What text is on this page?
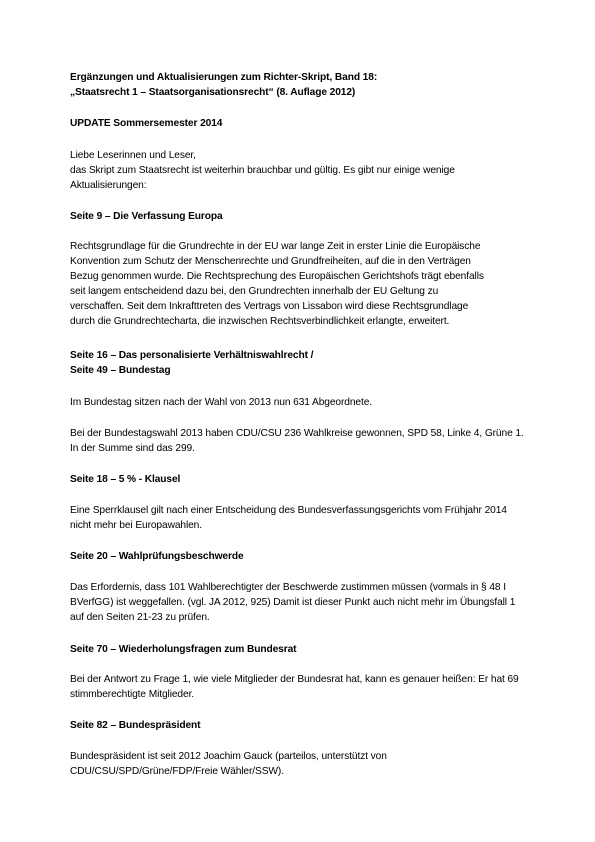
Ergänzungen und Aktualisierungen zum Richter-Skript, Band 18:

„Staatsrecht 1 – Staatsorganisationsrecht“ (8. Auflage 2012)

UPDATE Sommersemester 2014

Liebe Leserinnen und Leser,

das Skript zum Staatsrecht ist weiterhin brauchbar und gültig. Es gibt nur einige wenige

Aktualisierungen:

Seite 9 – Die Verfassung Europa

Rechtsgrundlage für die Grundrechte in der EU war lange Zeit in erster Linie die Europäische

Konvention zum Schutz der Menschenrechte und Grundfreiheiten, auf die in den Verträgen

Bezug genommen wurde. Die Rechtsprechung des Europäischen Gerichtshofs trägt ebenfalls

seit langem entscheidend dazu bei, den Grundrechten innerhalb der EU Geltung zu

verschaffen. Seit dem Inkrafttreten des Vertrags von Lissabon wird diese Rechtsgrundlage

durch die Grundrechtecharta, die inzwischen Rechtsverbindlichkeit erlangte, erweitert.

Seite 16 – Das personalisierte Verhältniswahlrecht /

Seite 49 – Bundestag

Im Bundestag sitzen nach der Wahl von 2013 nun 631 Abgeordnete.

Bei der Bundestagswahl 2013 haben CDU/CSU 236 Wahlkreise gewonnen, SPD 58, Linke 4, Grüne 1.

In der Summe sind das 299.

Seite 18 – 5 % - Klausel

Eine Sperrklausel gilt nach einer Entscheidung des Bundesverfassungsgerichts vom Frühjahr 2014

nicht mehr bei Europawahlen.

Seite 20 – Wahlprüfungsbeschwerde

Das Erfordernis, dass 101 Wahlberechtigter der Beschwerde zustimmen müssen (vormals in § 48 I

BVerfGG) ist weggefallen. (vgl. JA 2012, 925) Damit ist dieser Punkt auch nicht mehr im Übungsfall 1

auf den Seiten 21-23 zu prüfen.

Seite 70 – Wiederholungsfragen zum Bundesrat

Bei der Antwort zu Frage 1, wie viele Mitglieder der Bundesrat hat, kann es genauer heißen: Er hat 69

stimmberechtigte Mitglieder.

Seite 82 – Bundespräsident

Bundespräsident ist seit 2012 Joachim Gauck (parteilos, unterstützt von

CDU/CSU/SPD/Grüne/FDP/Freie Wähler/SSW).
